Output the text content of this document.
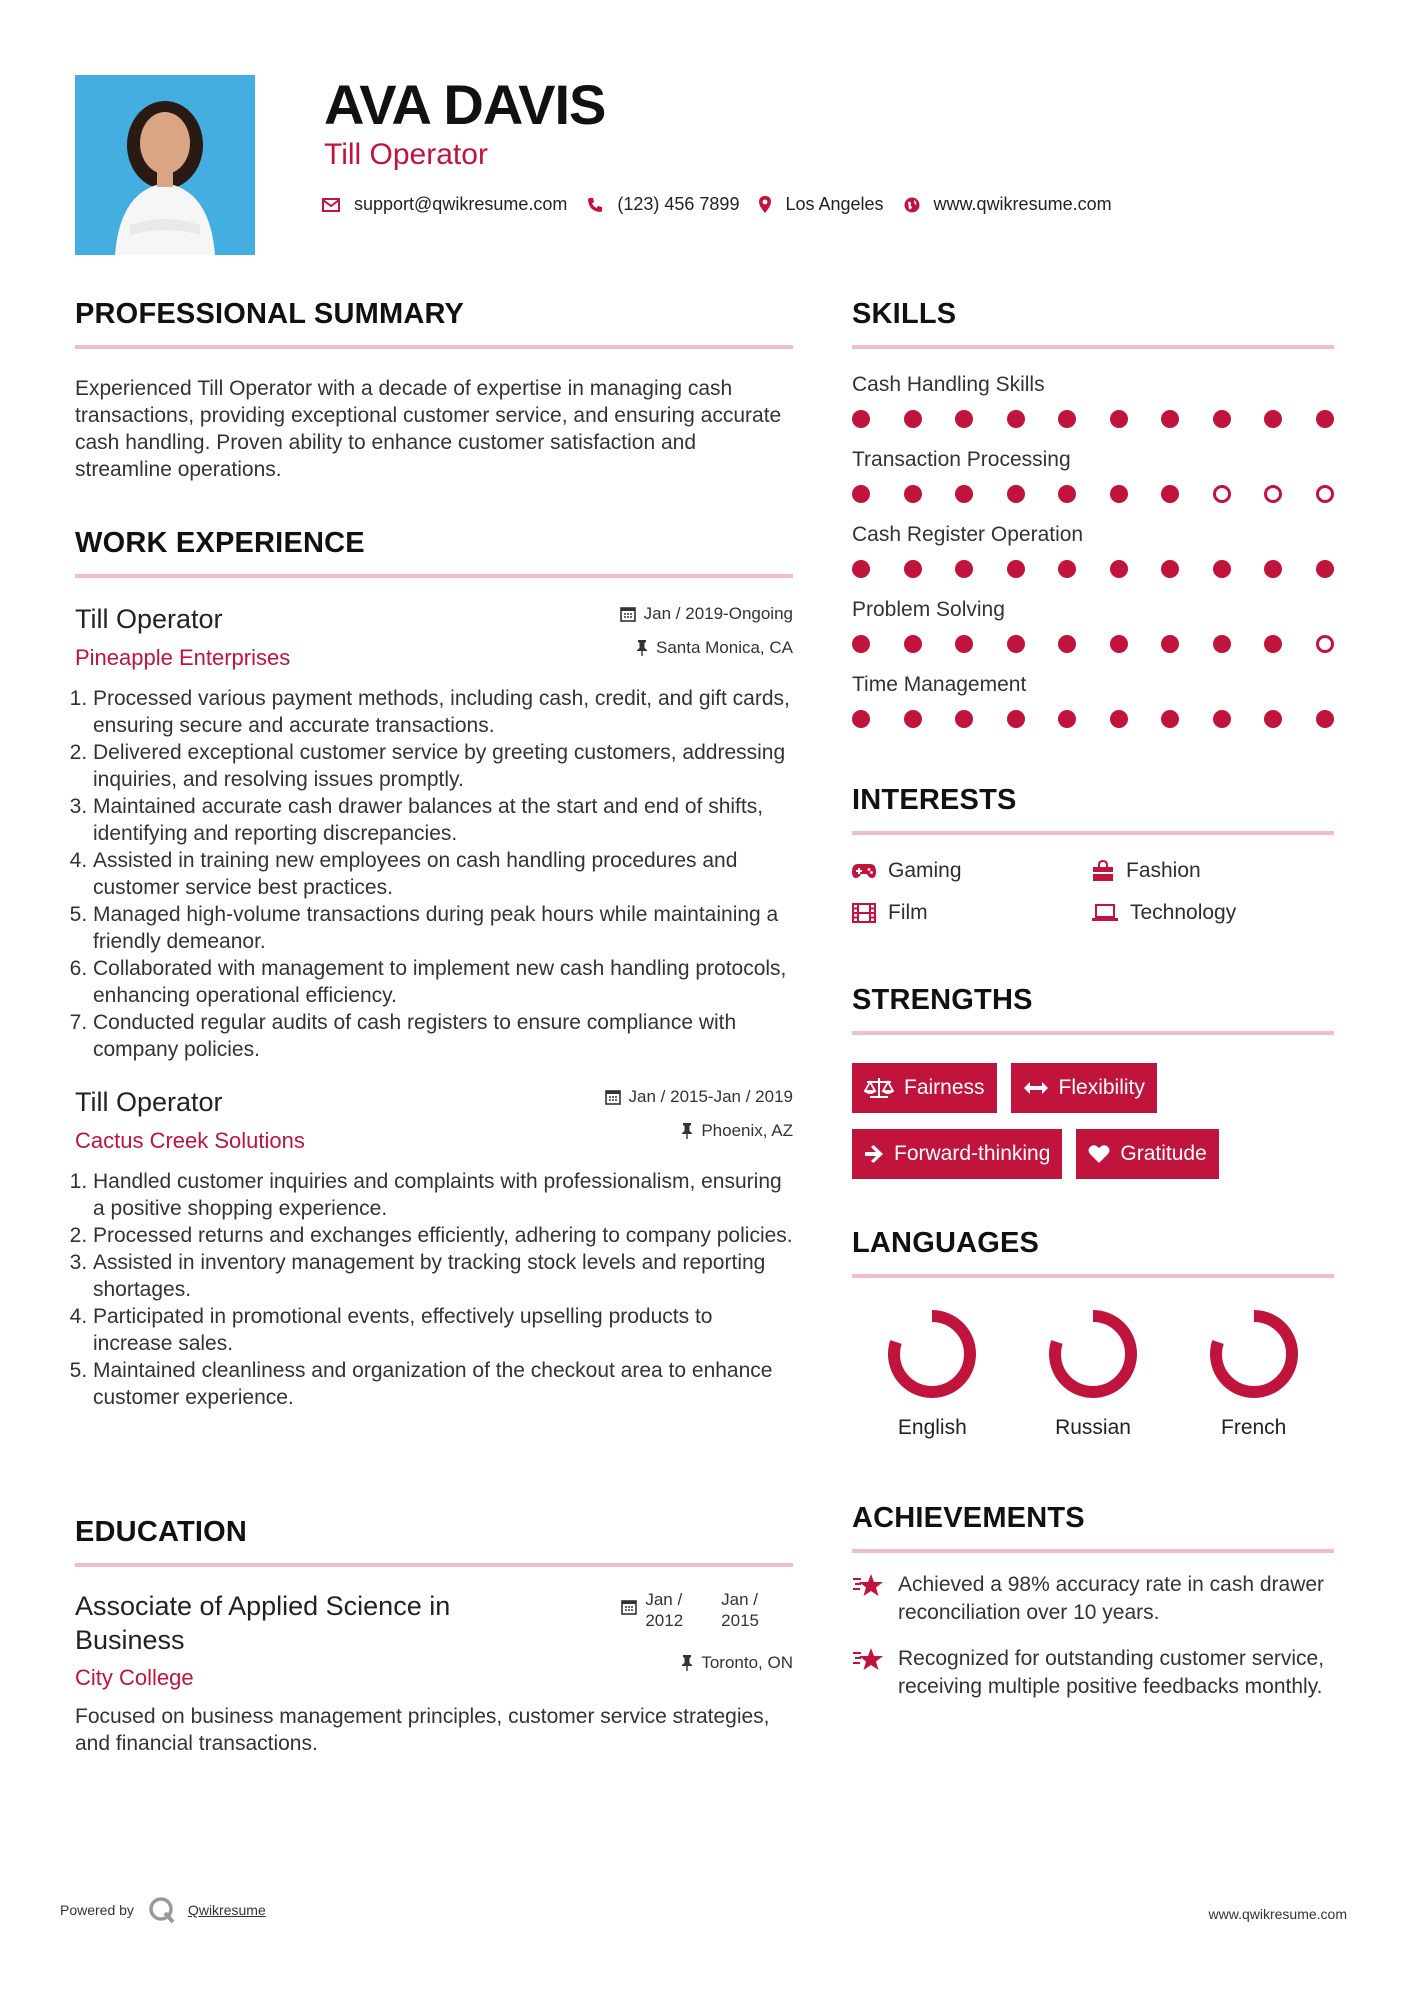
AVA DAVIS
Till Operator
support@qwikresume.com	(123) 456 7899	Los Angeles	www.qwikresume.com
PROFESSIONAL SUMMARY

Experienced Till Operator with a decade of expertise in managing cash transactions, providing exceptional customer service, and ensuring accurate cash handling. Proven ability to enhance customer satisfaction and streamline operations.

WORK EXPERIENCE
Till Operator
Pineapple Enterprises
Jan / 2019-Ongoing
Santa Monica, CA
1. Processed various payment methods, including cash, credit, and gift cards, ensuring secure and accurate transactions.
2. Delivered exceptional customer service by greeting customers, addressing inquiries, and resolving issues promptly.
3. Maintained accurate cash drawer balances at the start and end of shifts, identifying and reporting discrepancies.
4. Assisted in training new employees on cash handling procedures and customer service best practices.
5. Managed high-volume transactions during peak hours while maintaining a friendly demeanor.
6. Collaborated with management to implement new cash handling protocols, enhancing operational efficiency.
7. Conducted regular audits of cash registers to ensure compliance with company policies.
Till Operator
Cactus Creek Solutions
Jan / 2015-Jan / 2019
Phoenix, AZ
1. Handled customer inquiries and complaints with professionalism, ensuring a positive shopping experience.
2. Processed returns and exchanges efficiently, adhering to company policies.
3. Assisted in inventory management by tracking stock levels and reporting shortages.
4. Participated in promotional events, effectively upselling products to increase sales.
5. Maintained cleanliness and organization of the checkout area to enhance customer experience.
EDUCATION
Associate of Applied Science in Business
City College
Jan /
2012
Jan /
2015
Toronto, ON

Focused on business management principles, customer service strategies, and financial transactions.

SKILLS
Cash Handling Skills
Transaction Processing
Cash Register Operation
Problem Solving
Time Management
INTERESTS
Gaming	Fashion
Film	Technology
STRENGTHS
Fairness	Flexibility
Forward-thinking	Gratitude
LANGUAGES
English	Russian	French
ACHIEVEMENTS
Achieved a 98% accuracy rate in cash drawer reconciliation over 10 years.
Recognized for outstanding customer service, receiving multiple positive feedbacks monthly.
Powered by	Qwikresume	www.qwikresume.com
